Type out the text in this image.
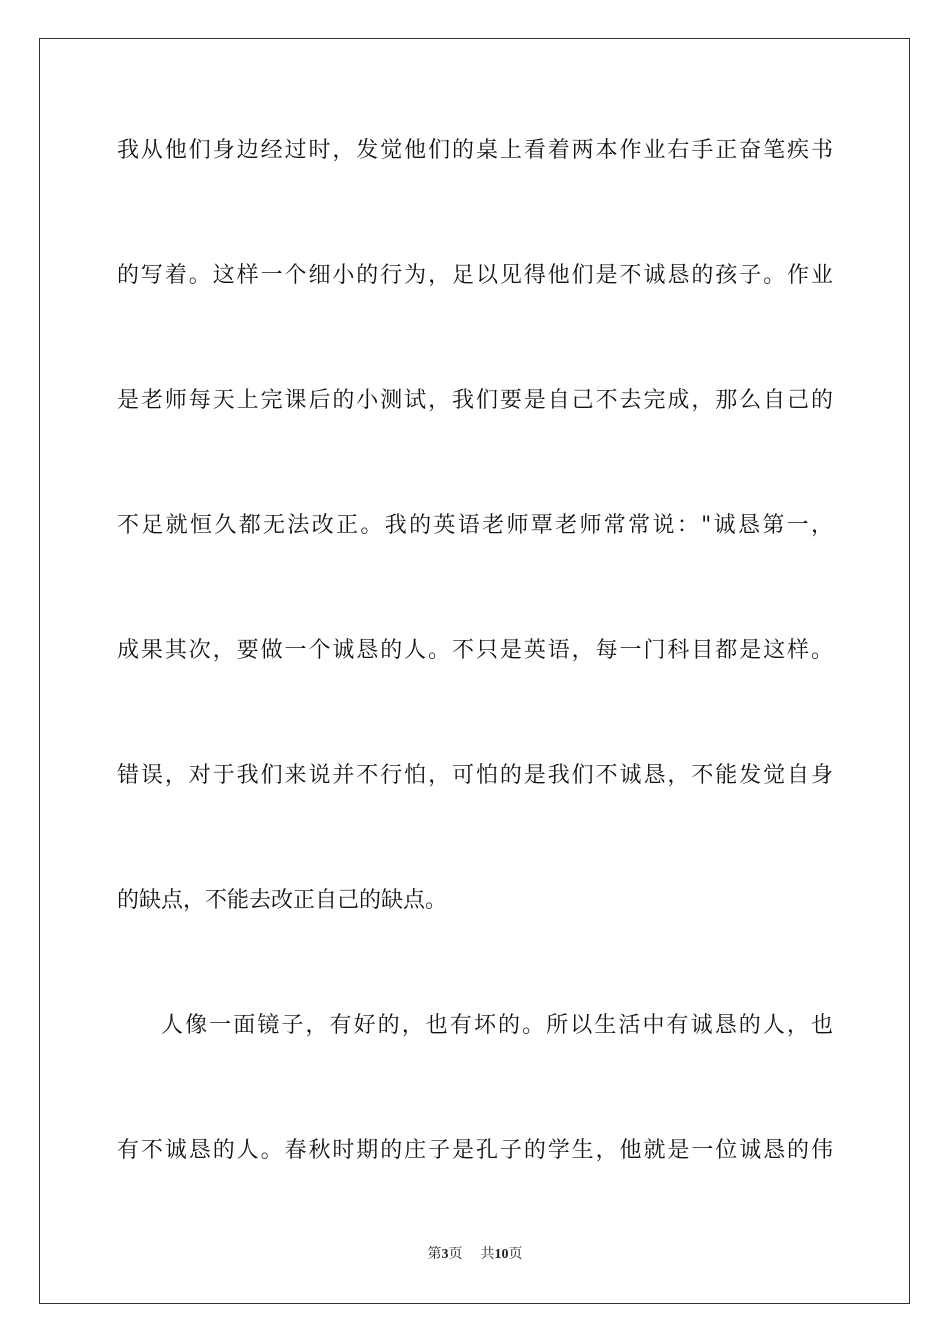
我从他们身边经过时，发觉他们的桌上看着两本作业右手正奋笔疾书
的写着。这样一个细小的行为，足以见得他们是不诚恳的孩子。作业
是老师每天上完课后的小测试，我们要是自己不去完成，那么自己的
不足就恒久都无法改正。我的英语老师覃老师常常说："诚恳第一，
成果其次，要做一个诚恳的人。不只是英语，每一门科目都是这样。
错误，对于我们来说并不行怕，可怕的是我们不诚恳，不能发觉自身
的缺点，不能去改正自己的缺点。
人像一面镜子，有好的，也有坏的。所以生活中有诚恳的人，也
有不诚恳的人。春秋时期的庄子是孔子的学生，他就是一位诚恳的伟
第3页 共10页
